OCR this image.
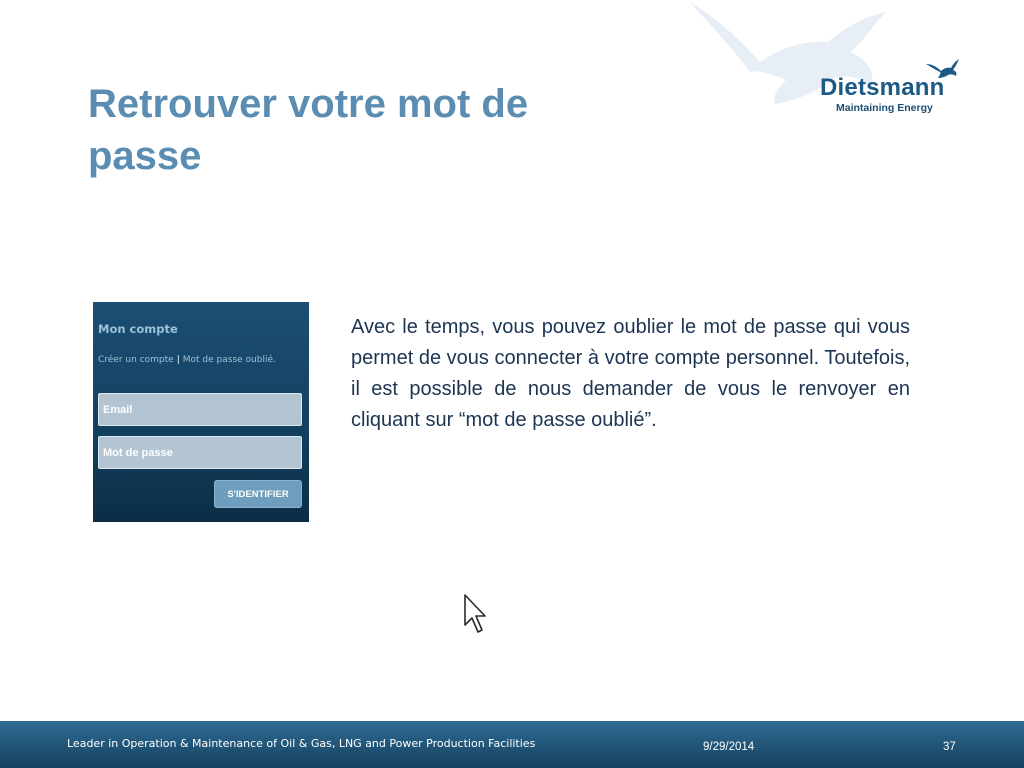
Dietsmann
Maintaining Energy
Retrouver votre mot de passe
Mon compte
Créer un compte | Mot de passe oublié.
Email
S'IDENTIFIER

Avec le temps, vous pouvez oublier le mot de passe qui vous permet de vous connecter à votre compte personnel. Toutefois, il est possible de nous demander de vous le renvoyer en cliquant sur “mot de passe oublié”.

Leader in Operation & Maintenance of Oil & Gas, LNG and Power Production Facilities	9/29/2014	37
